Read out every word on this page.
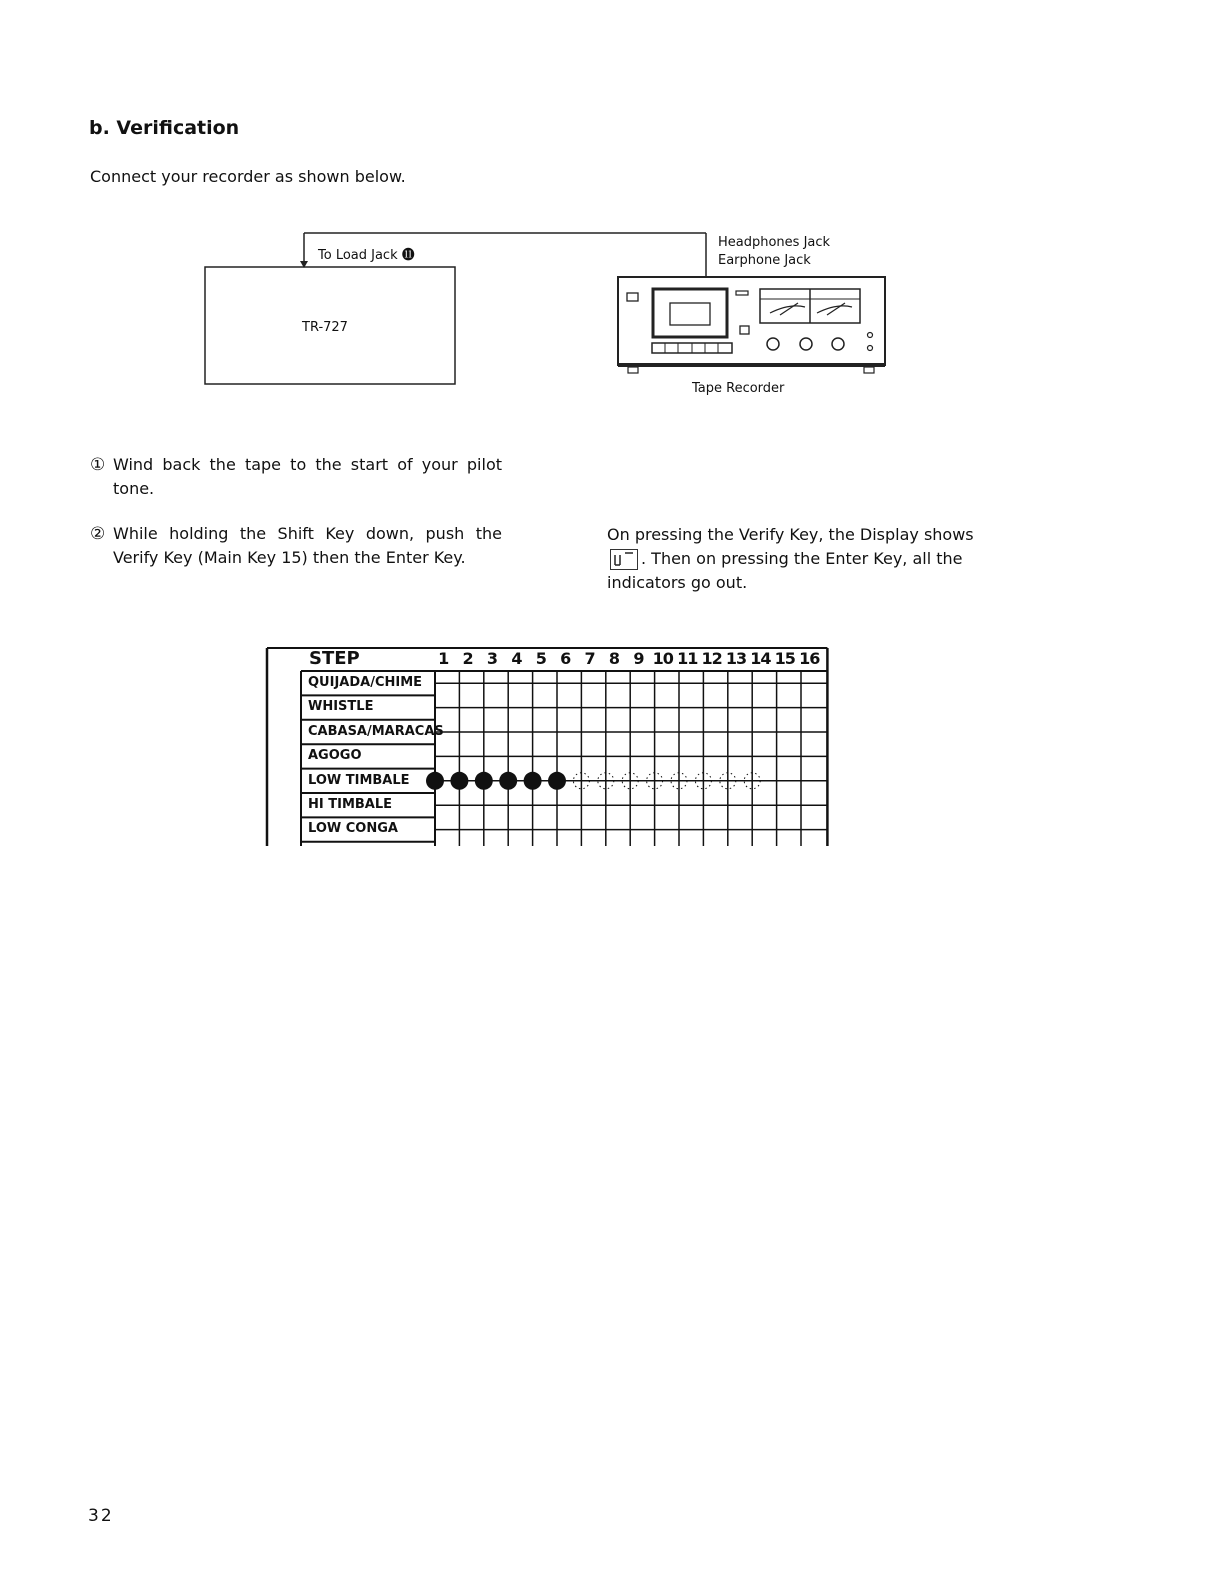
b. Verification
Connect your recorder as shown below.
To Load Jack ⓫
TR-727
Headphones Jack
Earphone Jack
Tape Recorder
① Wind back the tape to the start of your pilot tone.
② While holding the Shift Key down, push the Verify Key (Main Key 15) then the Enter Key.
On pressing the Verify Key, the Display shows

. Then on pressing the Enter Key, all the indicators go out.
STEP	1 2 3 4 5 6 7 8 9 10 11 12 13 14 15 16
QUIJADA/CHIME
WHISTLE
CABASA/MARACAS
AGOGO
LOW TIMBALE
HI TIMBALE
LOW CONGA
32
